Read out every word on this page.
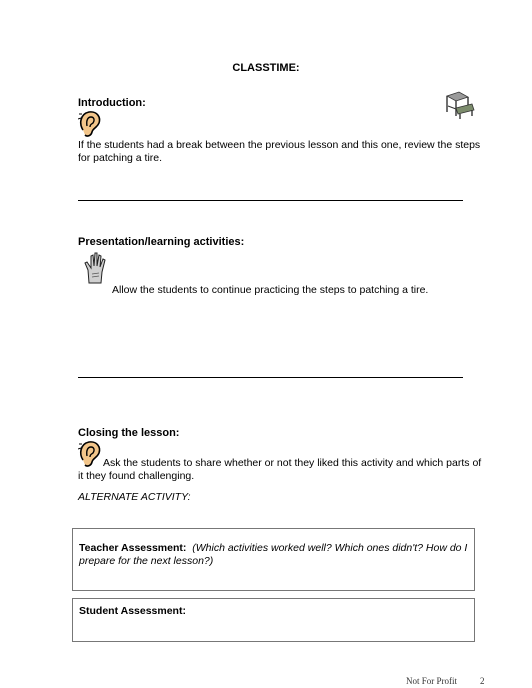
CLASSTIME:
Introduction:
If the students had a break between the previous lesson and this one, review the steps for patching a tire.
Presentation/learning activities:
Allow the students to continue practicing the steps to patching a tire.
Closing the lesson:
Ask the students to share whether or not they liked this activity and which parts of it they found challenging.
ALTERNATE ACTIVITY:
Teacher Assessment: (Which activities worked well? Which ones didn't? How do I prepare for the next lesson?)
Student Assessment:
Not For Profit	2
